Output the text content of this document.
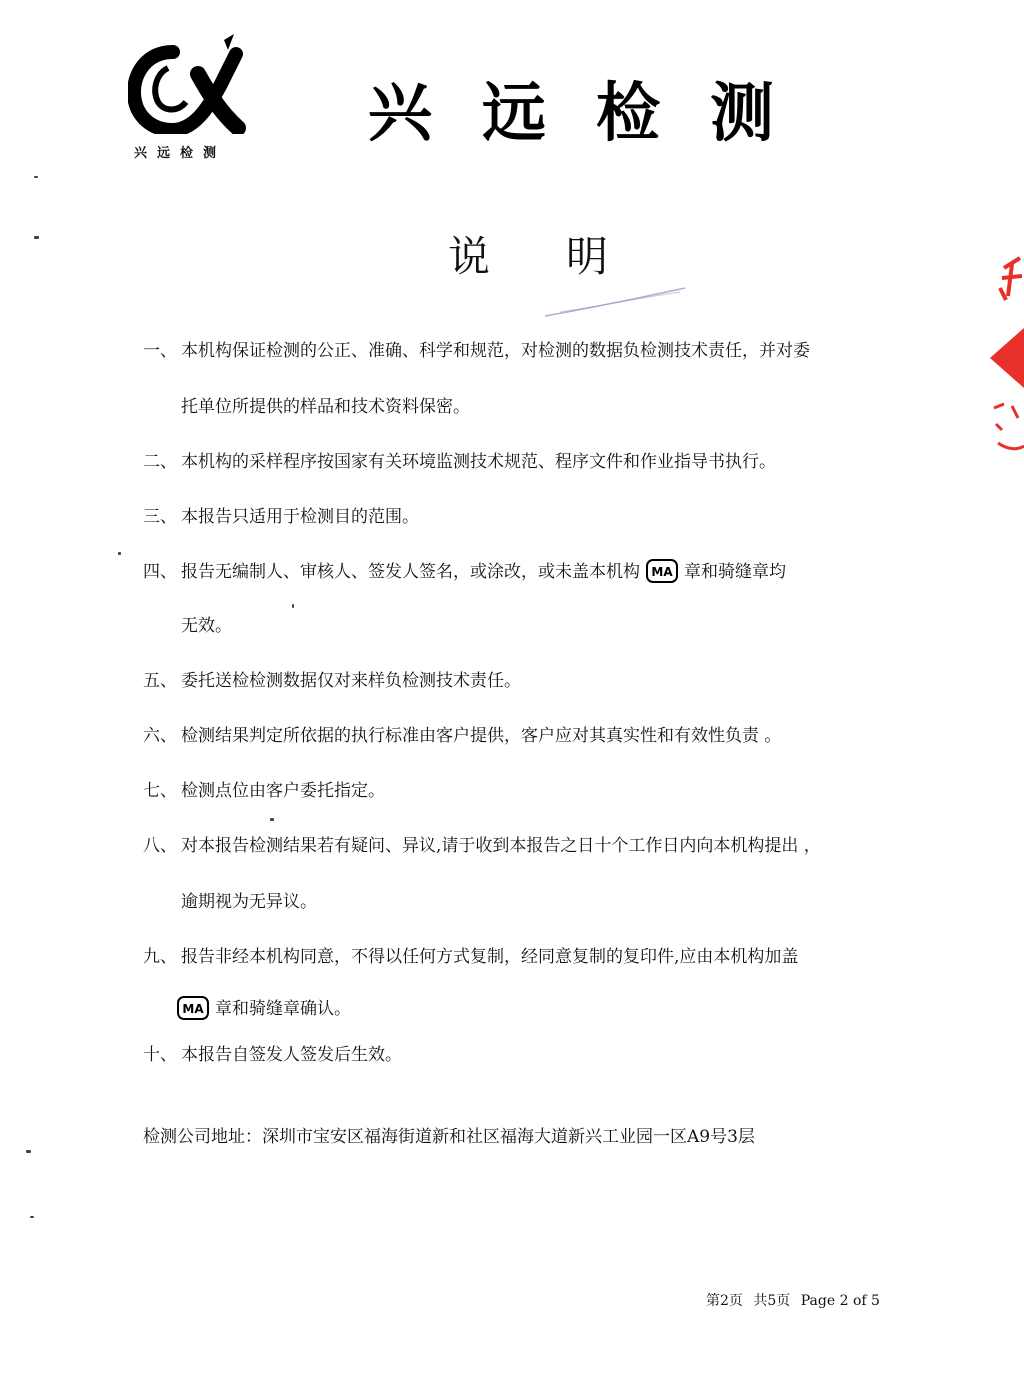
兴远检测
兴远检测
说明
一、 本机构保证检测的公正、准确、科学和规范，对检测的数据负检测技术责任，并对委
托单位所提供的样品和技术资料保密。
二、 本机构的采样程序按国家有关环境监测技术规范、程序文件和作业指导书执行。
三、 本报告只适用于检测目的范围。
四、 报告无编制人、审核人、签发人签名，或涂改，或未盖本机构 MA 章和骑缝章均
无效。
五、 委托送检检测数据仅对来样负检测技术责任。
六、 检测结果判定所依据的执行标准由客户提供，客户应对其真实性和有效性负责 。
七、 检测点位由客户委托指定。
八、 对本报告检测结果若有疑问、异议,请于收到本报告之日十个工作日内向本机构提出 ，
逾期视为无异议。
九、 报告非经本机构同意，不得以任何方式复制，经同意复制的复印件,应由本机构加盖
MA 章和骑缝章确认。
十、 本报告自签发人签发后生效。
检测公司地址：深圳市宝安区福海街道新和社区福海大道新兴工业园一区A9号3层
第2页 共5页 Page 2 of 5
